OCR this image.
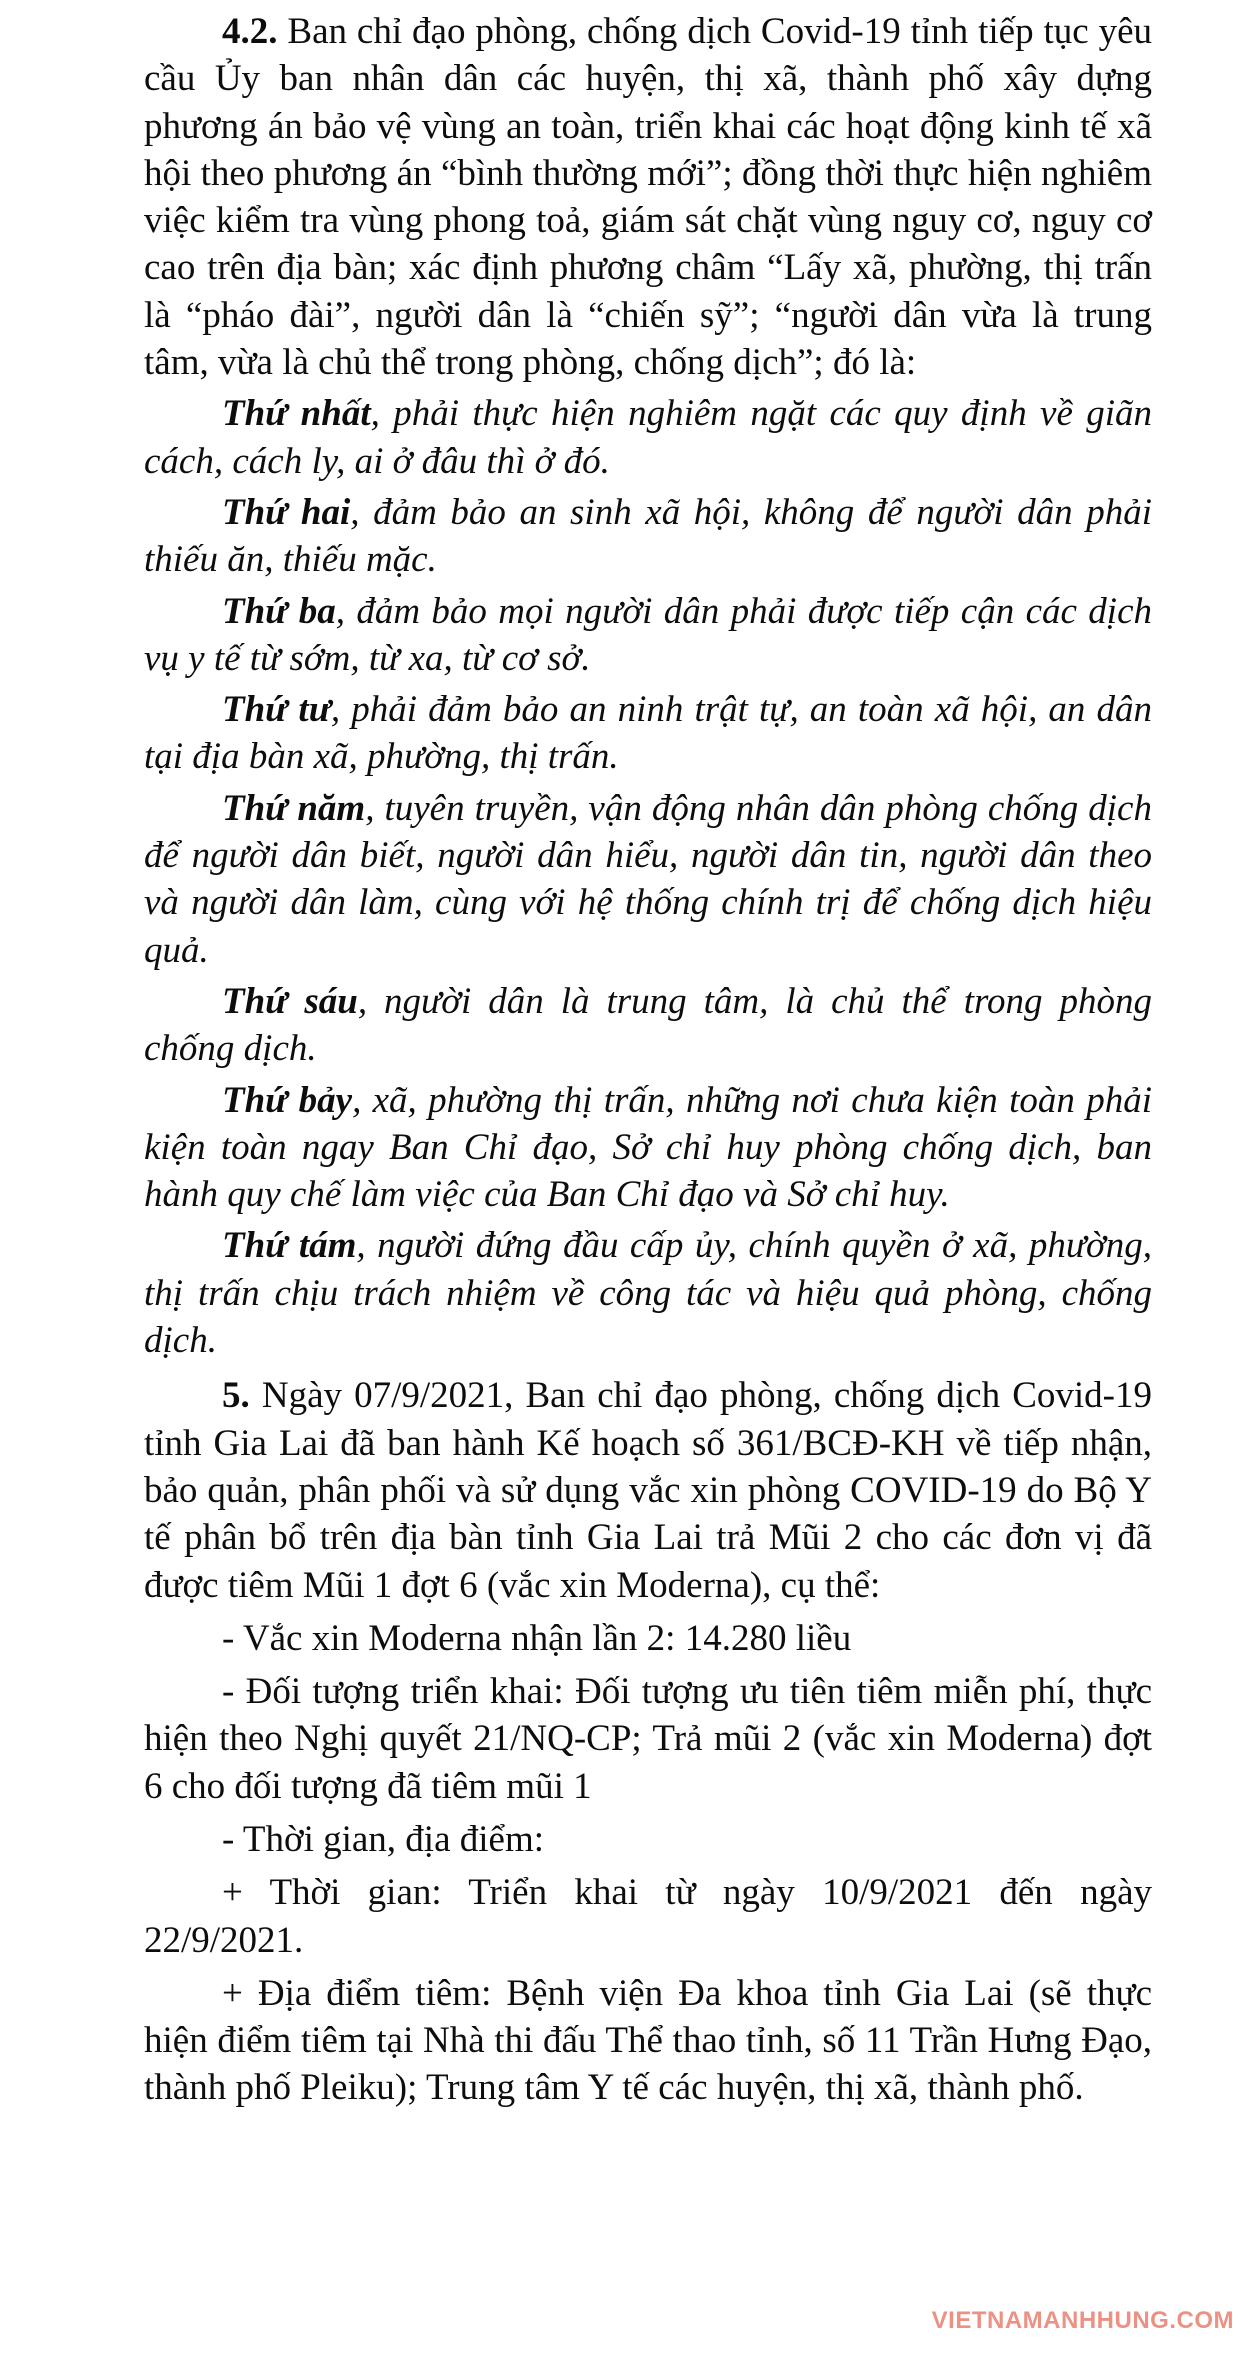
4.2. Ban chỉ đạo phòng, chống dịch Covid-19 tỉnh tiếp tục yêu cầu Ủy ban nhân dân các huyện, thị xã, thành phố xây dựng phương án bảo vệ vùng an toàn, triển khai các hoạt động kinh tế xã hội theo phương án “bình thường mới”; đồng thời thực hiện nghiêm việc kiểm tra vùng phong toả, giám sát chặt vùng nguy cơ, nguy cơ cao trên địa bàn; xác định phương châm “Lấy xã, phường, thị trấn là “pháo đài”, người dân là “chiến sỹ”; “người dân vừa là trung tâm, vừa là chủ thể trong phòng, chống dịch”; đó là:

Thứ nhất, phải thực hiện nghiêm ngặt các quy định về giãn cách, cách ly, ai ở đâu thì ở đó.

Thứ hai, đảm bảo an sinh xã hội, không để người dân phải thiếu ăn, thiếu mặc.

Thứ ba, đảm bảo mọi người dân phải được tiếp cận các dịch vụ y tế từ sớm, từ xa, từ cơ sở.

Thứ tư, phải đảm bảo an ninh trật tự, an toàn xã hội, an dân tại địa bàn xã, phường, thị trấn.

Thứ năm, tuyên truyền, vận động nhân dân phòng chống dịch để người dân biết, người dân hiểu, người dân tin, người dân theo và người dân làm, cùng với hệ thống chính trị để chống dịch hiệu quả.

Thứ sáu, người dân là trung tâm, là chủ thể trong phòng chống dịch.

Thứ bảy, xã, phường thị trấn, những nơi chưa kiện toàn phải kiện toàn ngay Ban Chỉ đạo, Sở chỉ huy phòng chống dịch, ban hành quy chế làm việc của Ban Chỉ đạo và Sở chỉ huy.

Thứ tám, người đứng đầu cấp ủy, chính quyền ở xã, phường, thị trấn chịu trách nhiệm về công tác và hiệu quả phòng, chống dịch.

5. Ngày 07/9/2021, Ban chỉ đạo phòng, chống dịch Covid-19 tỉnh Gia Lai đã ban hành Kế hoạch số 361/BCĐ-KH về tiếp nhận, bảo quản, phân phối và sử dụng vắc xin phòng COVID-19 do Bộ Y tế phân bổ trên địa bàn tỉnh Gia Lai trả Mũi 2 cho các đơn vị đã được tiêm Mũi 1 đợt 6 (vắc xin Moderna), cụ thể:

- Vắc xin Moderna nhận lần 2: 14.280 liều

- Đối tượng triển khai: Đối tượng ưu tiên tiêm miễn phí, thực hiện theo Nghị quyết 21/NQ-CP; Trả mũi 2 (vắc xin Moderna) đợt 6 cho đối tượng đã tiêm mũi 1

- Thời gian, địa điểm:

+ Thời gian: Triển khai từ ngày 10/9/2021 đến ngày 22/9/2021.

+ Địa điểm tiêm: Bệnh viện Đa khoa tỉnh Gia Lai (sẽ thực hiện điểm tiêm tại Nhà thi đấu Thể thao tỉnh, số 11 Trần Hưng Đạo, thành phố Pleiku); Trung tâm Y tế các huyện, thị xã, thành phố.

VIETNAMANHHUNG.COM
